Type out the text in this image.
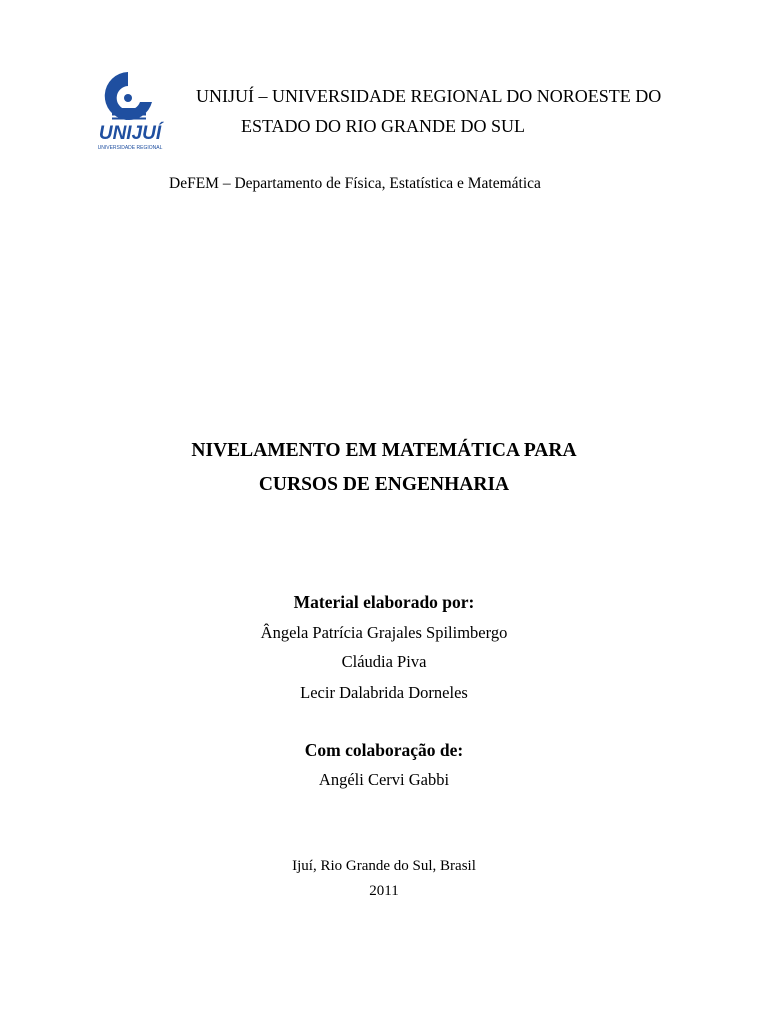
UNIJUÍ
UNIVERSIDADE REGIONAL
UNIJUÍ – UNIVERSIDADE REGIONAL DO NOROESTE DO
ESTADO DO RIO GRANDE DO SUL
DeFEM – Departamento de Física, Estatística e Matemática
NIVELAMENTO EM MATEMÁTICA PARA
CURSOS DE ENGENHARIA
Material elaborado por:
Ângela Patrícia Grajales Spilimbergo
Cláudia Piva
Lecir Dalabrida Dorneles
Com colaboração de:
Angéli Cervi Gabbi
Ijuí, Rio Grande do Sul, Brasil
2011
